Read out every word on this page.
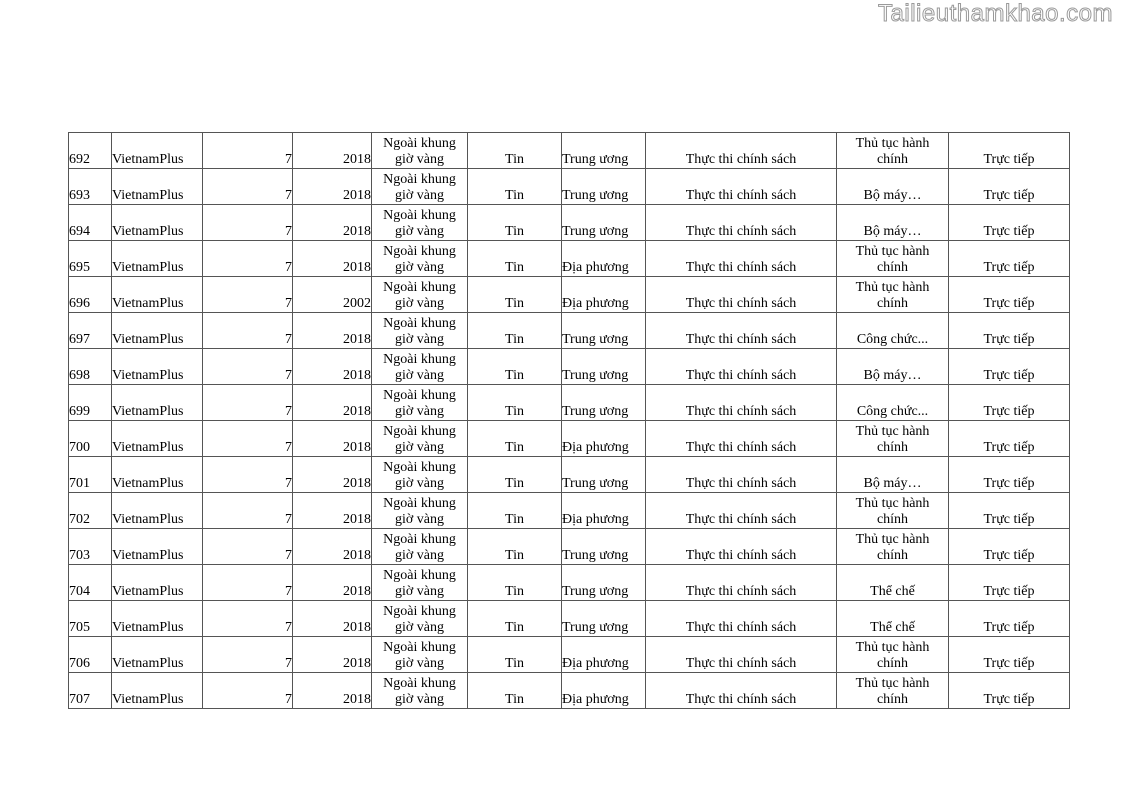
Tailieuthamkhao.com
692	VietnamPlus	7	2018	Ngoài khung
giờ vàng	Tin	Trung ương	Thực thi chính sách	Thủ tục hành
chính	Trực tiếp
693	VietnamPlus	7	2018	Ngoài khung
giờ vàng	Tin	Trung ương	Thực thi chính sách	Bộ máy…	Trực tiếp
694	VietnamPlus	7	2018	Ngoài khung
giờ vàng	Tin	Trung ương	Thực thi chính sách	Bộ máy…	Trực tiếp
695	VietnamPlus	7	2018	Ngoài khung
giờ vàng	Tin	Địa phương	Thực thi chính sách	Thủ tục hành
chính	Trực tiếp
696	VietnamPlus	7	2002	Ngoài khung
giờ vàng	Tin	Địa phương	Thực thi chính sách	Thủ tục hành
chính	Trực tiếp
697	VietnamPlus	7	2018	Ngoài khung
giờ vàng	Tin	Trung ương	Thực thi chính sách	Công chức...	Trực tiếp
698	VietnamPlus	7	2018	Ngoài khung
giờ vàng	Tin	Trung ương	Thực thi chính sách	Bộ máy…	Trực tiếp
699	VietnamPlus	7	2018	Ngoài khung
giờ vàng	Tin	Trung ương	Thực thi chính sách	Công chức...	Trực tiếp
700	VietnamPlus	7	2018	Ngoài khung
giờ vàng	Tin	Địa phương	Thực thi chính sách	Thủ tục hành
chính	Trực tiếp
701	VietnamPlus	7	2018	Ngoài khung
giờ vàng	Tin	Trung ương	Thực thi chính sách	Bộ máy…	Trực tiếp
702	VietnamPlus	7	2018	Ngoài khung
giờ vàng	Tin	Địa phương	Thực thi chính sách	Thủ tục hành
chính	Trực tiếp
703	VietnamPlus	7	2018	Ngoài khung
giờ vàng	Tin	Trung ương	Thực thi chính sách	Thủ tục hành
chính	Trực tiếp
704	VietnamPlus	7	2018	Ngoài khung
giờ vàng	Tin	Trung ương	Thực thi chính sách	Thể chế	Trực tiếp
705	VietnamPlus	7	2018	Ngoài khung
giờ vàng	Tin	Trung ương	Thực thi chính sách	Thể chế	Trực tiếp
706	VietnamPlus	7	2018	Ngoài khung
giờ vàng	Tin	Địa phương	Thực thi chính sách	Thủ tục hành
chính	Trực tiếp
707	VietnamPlus	7	2018	Ngoài khung
giờ vàng	Tin	Địa phương	Thực thi chính sách	Thủ tục hành
chính	Trực tiếp
